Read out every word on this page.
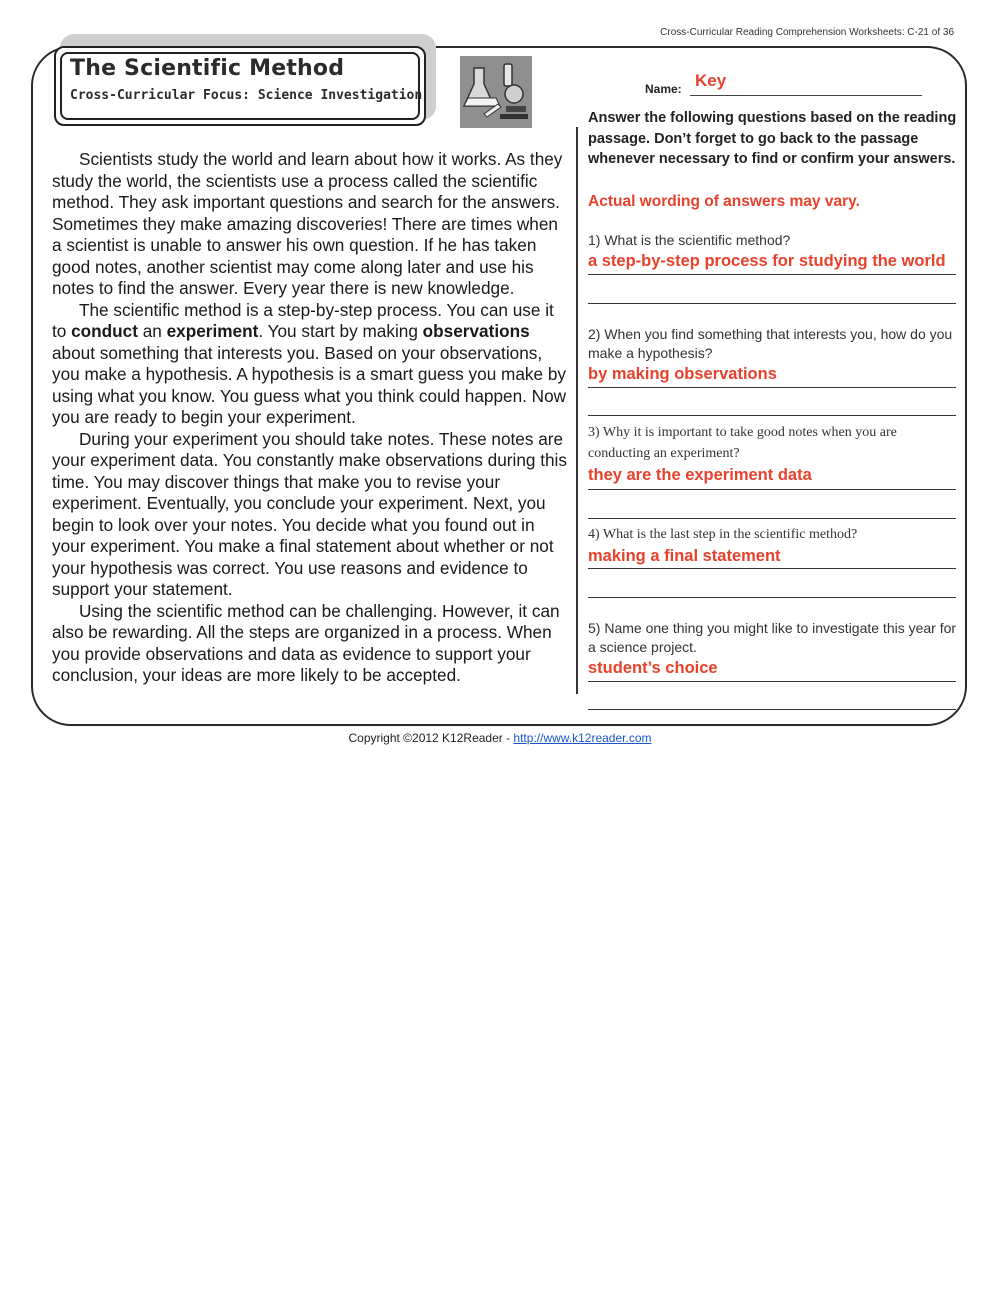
Cross-Curricular Reading Comprehension Worksheets: C-21 of 36
The Scientific Method
Cross-Curricular Focus: Science Investigation

Scientists study the world and learn about how it works. As they study the world, the scientists use a process called the scientific method. They ask important questions and search for the answers. Sometimes they make amazing discoveries! There are times when a scientist is unable to answer his own question. If he has taken good notes, another scientist may come along later and use his notes to find the answer. Every year there is new knowledge.

The scientific method is a step-by-step process. You can use it to conduct an experiment. You start by making observations about something that interests you. Based on your observations, you make a hypothesis. A hypothesis is a smart guess you make by using what you know. You guess what you think could happen. Now you are ready to begin your experiment.

During your experiment you should take notes. These notes are your experiment data. You constantly make observations during this time. You may discover things that make you to revise your experiment. Eventually, you conclude your experiment. Next, you begin to look over your notes. You decide what you found out in your experiment. You make a final statement about whether or not your hypothesis was correct. You use reasons and evidence to support your statement.

Using the scientific method can be challenging. However, it can also be rewarding. All the steps are organized in a process. When you provide observations and data as evidence to support your conclusion, your ideas are more likely to be accepted.

Name: Key
Answer the following questions based on the reading passage. Don’t forget to go back to the passage whenever necessary to find or confirm your answers.
Actual wording of answers may vary.
1) What is the scientific method?
a step-by-step process for studying the world
2) When you find something that interests you, how do you make a hypothesis?
by making observations
3) Why it is important to take good notes when you are conducting an experiment?
they are the experiment data
4) What is the last step in the scientific method?
making a final statement
5) Name one thing you might like to investigate this year for a science project.
student’s choice
Copyright ©2012 K12Reader - http://www.k12reader.com
